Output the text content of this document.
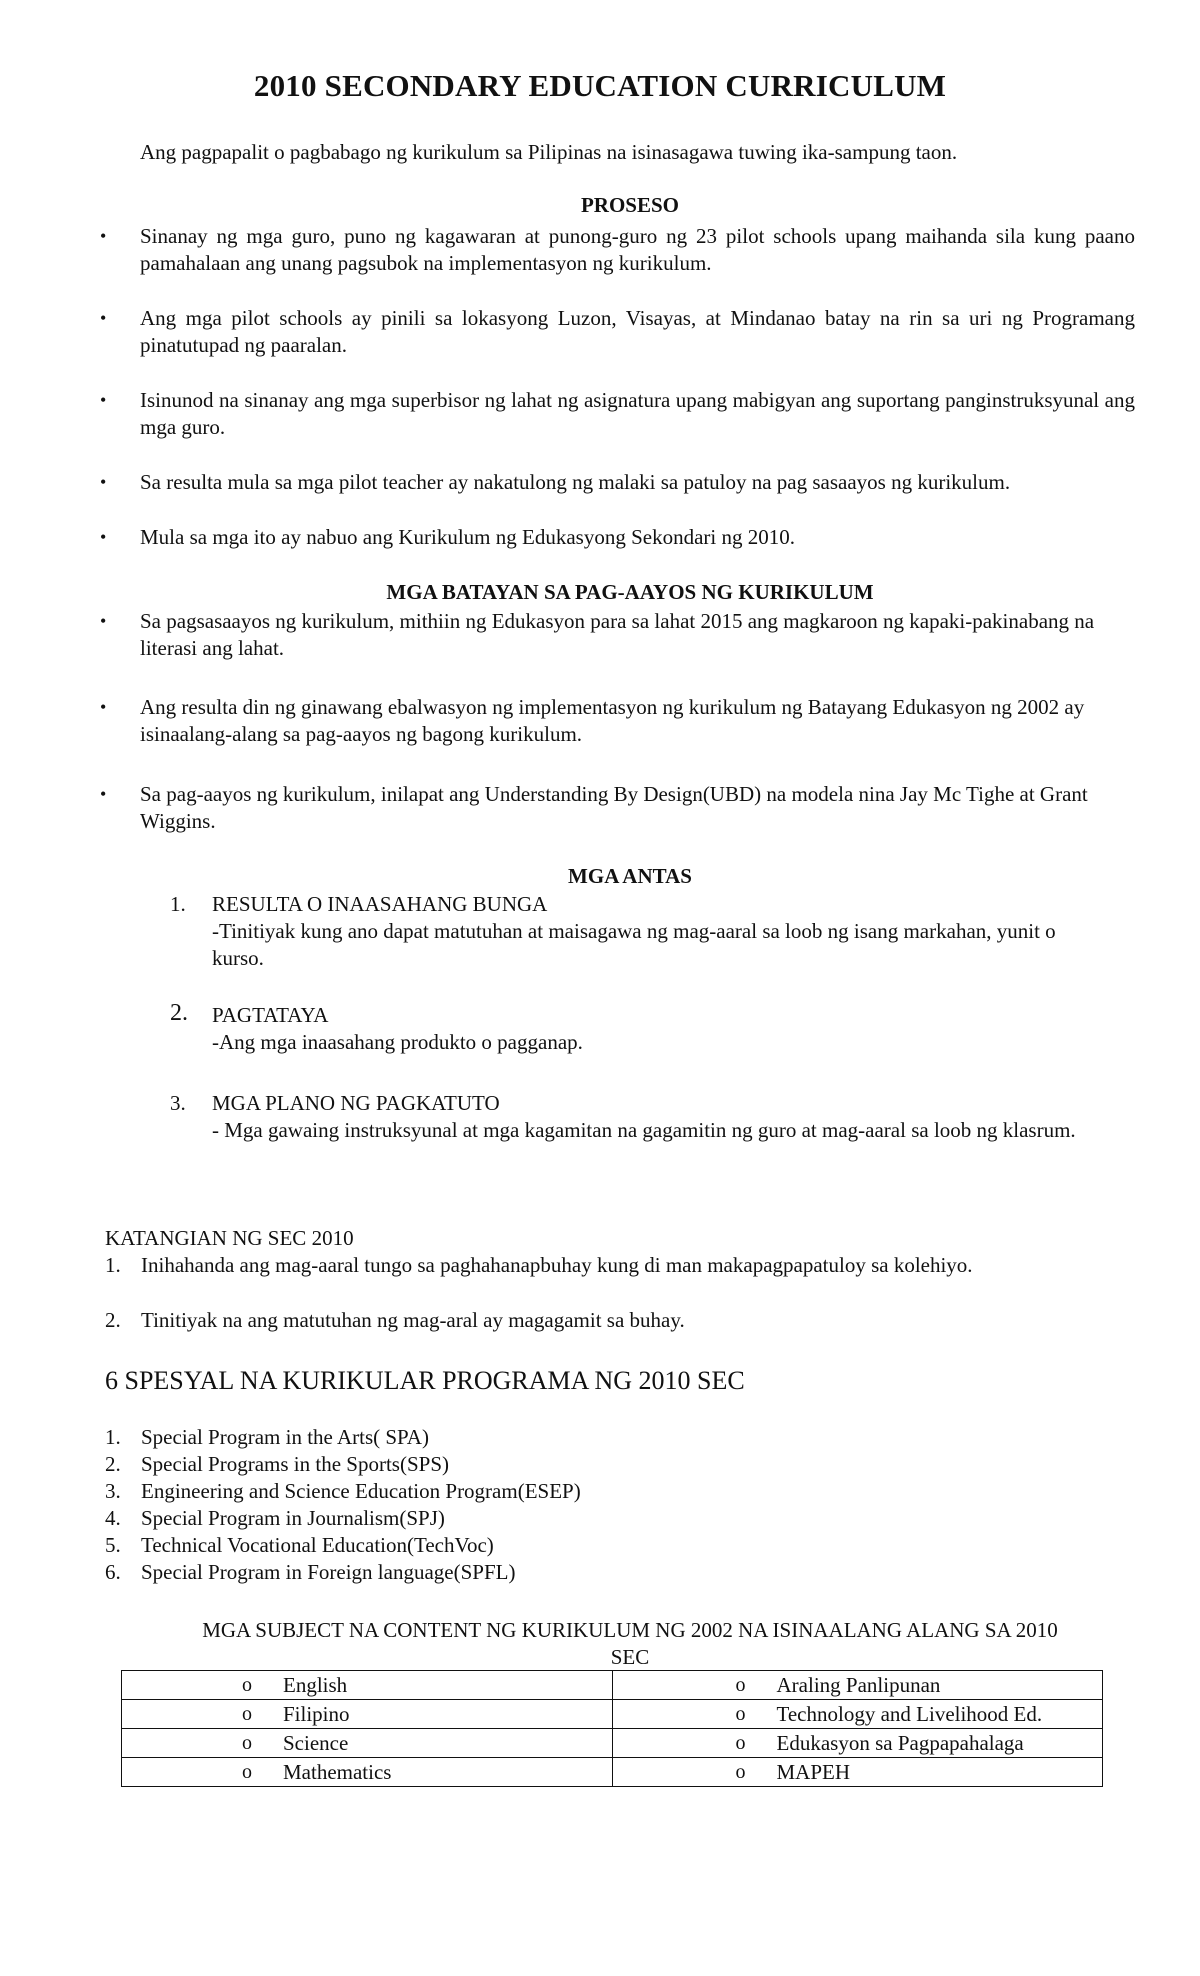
2010 SECONDARY EDUCATION CURRICULUM
Ang pagpapalit o pagbabago ng kurikulum sa Pilipinas na isinasagawa tuwing ika-sampung taon.
PROSESO
•	Sinanay ng mga guro, puno ng kagawaran at punong-guro ng 23 pilot schools upang maihanda sila kung paano pamahalaan ang unang pagsubok na implementasyon ng kurikulum.
•	Ang mga pilot schools ay pinili sa lokasyong Luzon, Visayas, at Mindanao batay na rin sa uri ng Programang pinatutupad ng paaralan.
•	Isinunod na sinanay ang mga superbisor ng lahat ng asignatura upang mabigyan ang suportang panginstruksyunal ang mga guro.
•	Sa resulta mula sa mga pilot teacher ay nakatulong ng malaki sa patuloy na pag sasaayos ng kurikulum.
•	Mula sa mga ito ay nabuo ang Kurikulum ng Edukasyong Sekondari ng 2010.
MGA BATAYAN SA PAG-AAYOS NG KURIKULUM
•	Sa pagsasaayos ng kurikulum, mithiin ng Edukasyon para sa lahat 2015 ang magkaroon ng kapaki-pakinabang na literasi ang lahat.
•	Ang resulta din ng ginawang ebalwasyon ng implementasyon ng kurikulum ng Batayang Edukasyon ng 2002 ay isinaalang-alang sa pag-aayos ng bagong kurikulum.
•	Sa pag-aayos ng kurikulum, inilapat ang Understanding By Design(UBD) na modela nina Jay Mc Tighe at Grant Wiggins.
MGA ANTAS
1.	RESULTA O INAASAHANG BUNGA
-Tinitiyak kung ano dapat matutuhan at maisagawa ng mag-aaral sa loob ng isang markahan, yunit o kurso.
2.	PAGTATAYA
-Ang mga inaasahang produkto o pagganap.
3.	MGA PLANO NG PAGKATUTO
- Mga gawaing instruksyunal at mga kagamitan na gagamitin ng guro at mag-aaral sa loob ng klasrum.
KATANGIAN NG SEC 2010
1. Inihahanda ang mag-aaral tungo sa paghahanapbuhay kung di man makapagpapatuloy sa kolehiyo.
2. Tinitiyak na ang matutuhan ng mag-aral ay magagamit sa buhay.
6 SPESYAL NA KURIKULAR PROGRAMA NG 2010 SEC
1. Special Program in the Arts( SPA)
2. Special Programs in the Sports(SPS)
3. Engineering and Science Education Program(ESEP)
4. Special Program in Journalism(SPJ)
5. Technical Vocational Education(TechVoc)
6. Special Program in Foreign language(SPFL)
MGA SUBJECT NA CONTENT NG KURIKULUM NG 2002 NA ISINAALANG ALANG SA 2010
SEC
o English	o Araling Panlipunan

o Filipino	o Technology and Livelihood Ed.

o Science	o Edukasyon sa Pagpapahalaga

o Mathematics	o MAPEH
